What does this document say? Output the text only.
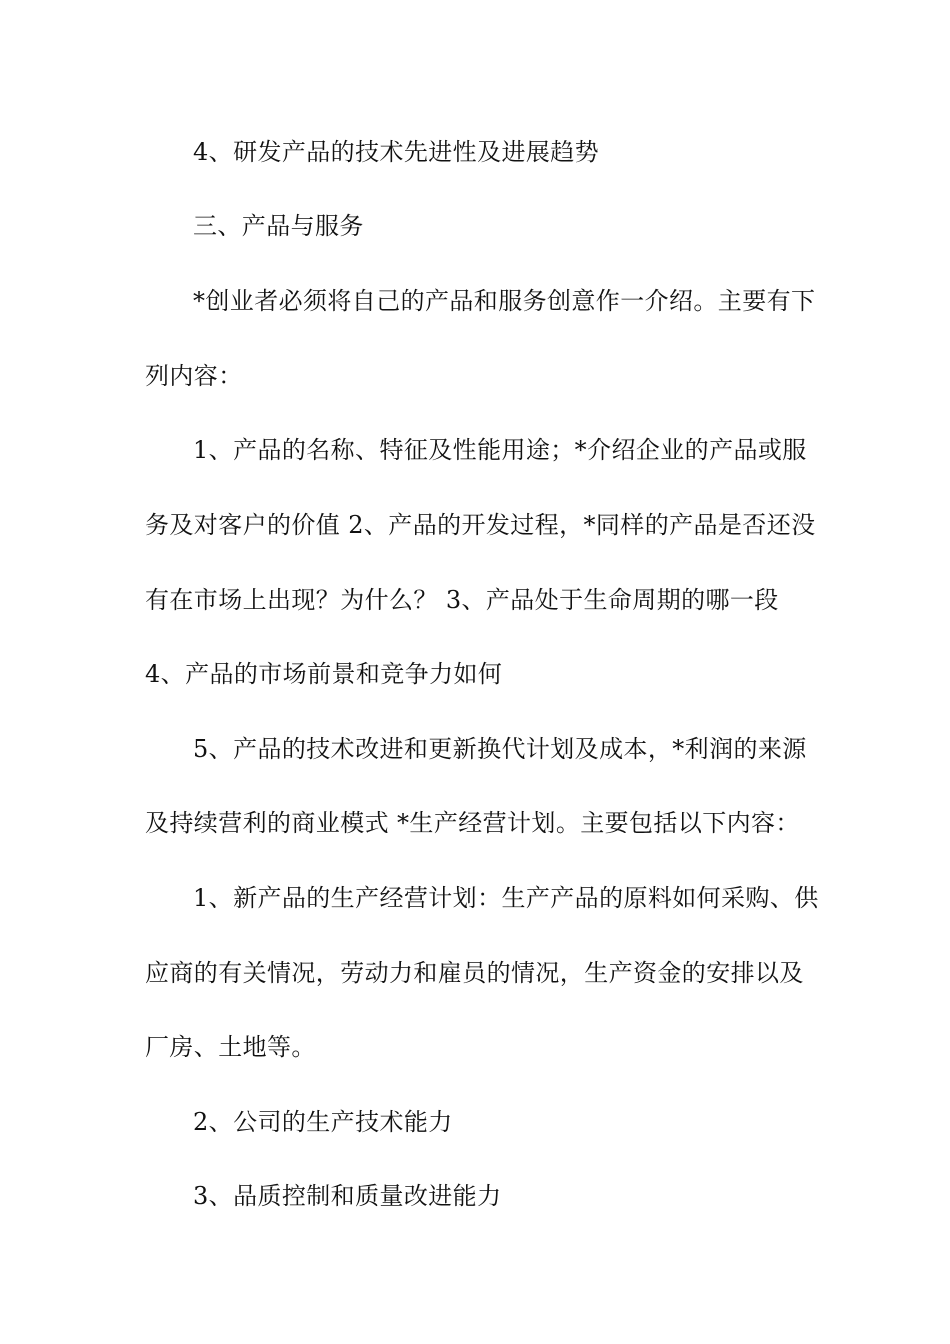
4、研发产品的技术先进性及进展趋势
三、产品与服务
*创业者必须将自己的产品和服务创意作一介绍。主要有下
列内容：
1、产品的名称、特征及性能用途；*介绍企业的产品或服
务及对客户的价值 2、产品的开发过程，*同样的产品是否还没
有在市场上出现？为什么？ 3、产品处于生命周期的哪一段
4、产品的市场前景和竞争力如何
5、产品的技术改进和更新换代计划及成本，*利润的来源
及持续营利的商业模式 *生产经营计划。主要包括以下内容：
1、新产品的生产经营计划：生产产品的原料如何采购、供
应商的有关情况，劳动力和雇员的情况，生产资金的安排以及
厂房、土地等。
2、公司的生产技术能力
3、品质控制和质量改进能力
